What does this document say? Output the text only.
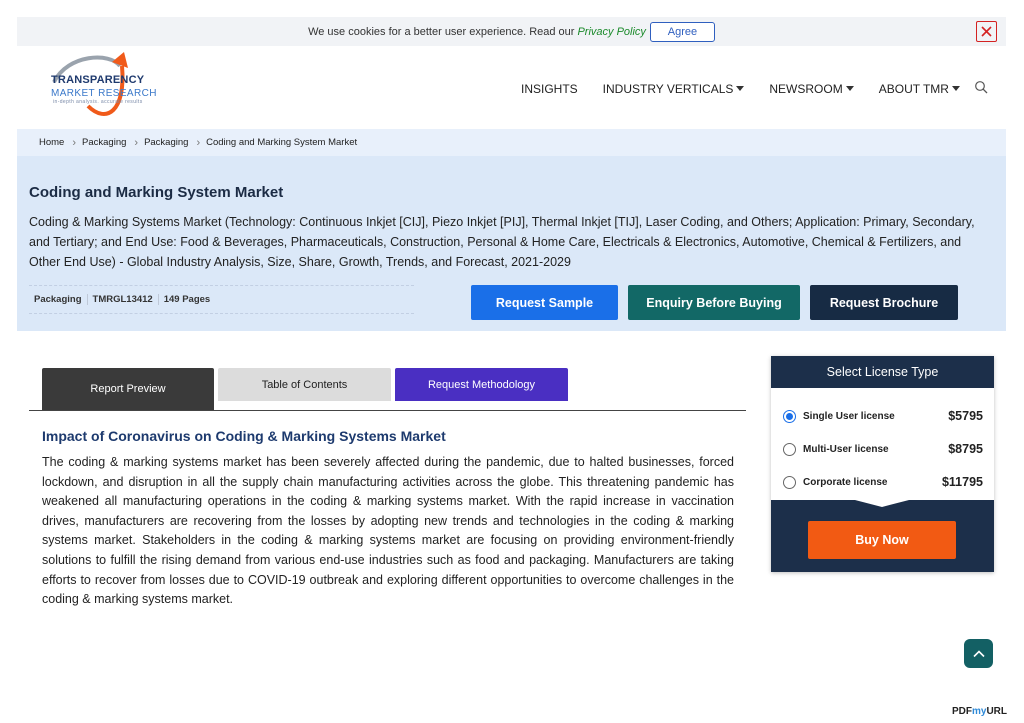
We use cookies for a better user experience. Read our Privacy Policy	Agree
TRANSPARENCY
MARKET RESEARCH
in-depth analysis. accurate results
INSIGHTS INDUSTRY VERTICALS	NEWSROOM	ABOUT TMR
Home › Packaging › Packaging › Coding and Marking System Market
Coding and Marking System Market

Coding & Marking Systems Market (Technology: Continuous Inkjet [CIJ], Piezo Inkjet [PIJ], Thermal Inkjet [TIJ], Laser Coding, and Others; Application: Primary, Secondary, and Tertiary; and End Use: Food & Beverages, Pharmaceuticals, Construction, Personal & Home Care, Electricals & Electronics, Automotive, Chemical & Fertilizers, and Other End Use) - Global Industry Analysis, Size, Share, Growth, Trends, and Forecast, 2021-2029

Packaging	TMRGL13412	149 Pages	Request Sample	Enquiry Before Buying	Request Brochure
Report Preview	Table of Contents	Request Methodology
Impact of Coronavirus on Coding & Marking Systems Market

The coding & marking systems market has been severely affected during the pandemic, due to halted businesses, forced lockdown, and disruption in all the supply chain manufacturing activities across the globe. This threatening pandemic has weakened all manufacturing operations in the coding & marking systems market. With the rapid increase in vaccination drives, manufacturers are recovering from the losses by adopting new trends and technologies in the coding & marking systems market. Stakeholders in the coding & marking systems market are focusing on providing environment-friendly solutions to fulfill the rising demand from various end-use industries such as food and packaging. Manufacturers are taking efforts to recover from losses due to COVID-19 outbreak and exploring different opportunities to overcome challenges in the coding & marking systems market.

Select License Type
Single User license	$5795
Multi-User license	$8795
Corporate license	$11795
Buy Now
PDFmyURL
